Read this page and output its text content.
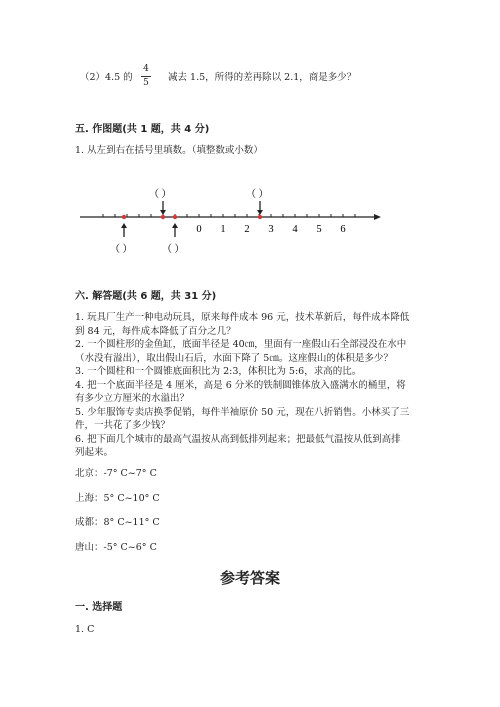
（2）4.5 的
4
5 减去 1.5，所得的差再除以 2.1，商是多少？
五. 作图题(共 1 题，共 4 分)
1. 从左到右在括号里填数。（填整数或小数）
（ ）	（ ）
0 1 2 3 4 5 6
（ ）	（ ）
六. 解答题(共 6 题，共 31 分)
1. 玩具厂生产一种电动玩具，原来每件成本 96 元，技术革新后，每件成本降低
到 84 元，每件成本降低了百分之几？
2. 一个圆柱形的金鱼缸，底面半径是 40㎝，里面有一座假山石全部浸没在水中
（水没有溢出），取出假山石后，水面下降了 5㎝。这座假山的体积是多少？
3. 一个圆柱和一个圆锥底面积比为 2:3，体积比为 5:6，求高的比。
4. 把一个底面半径是 4 厘米，高是 6 分米的铁制圆锥体放入盛满水的桶里，将
有多少立方厘米的水溢出？
5. 少年服饰专卖店换季促销，每件半袖原价 50 元，现在八折销售。小林买了三
件，一共花了多少钱？
6. 把下面几个城市的最高气温按从高到低排列起来；把最低气温按从低到高排
列起来。
北京：-7° C~7° C
上海：5° C~10° C
成都：8° C~11° C
唐山：-5° C~6° C
参考答案
一. 选择题
1. C
